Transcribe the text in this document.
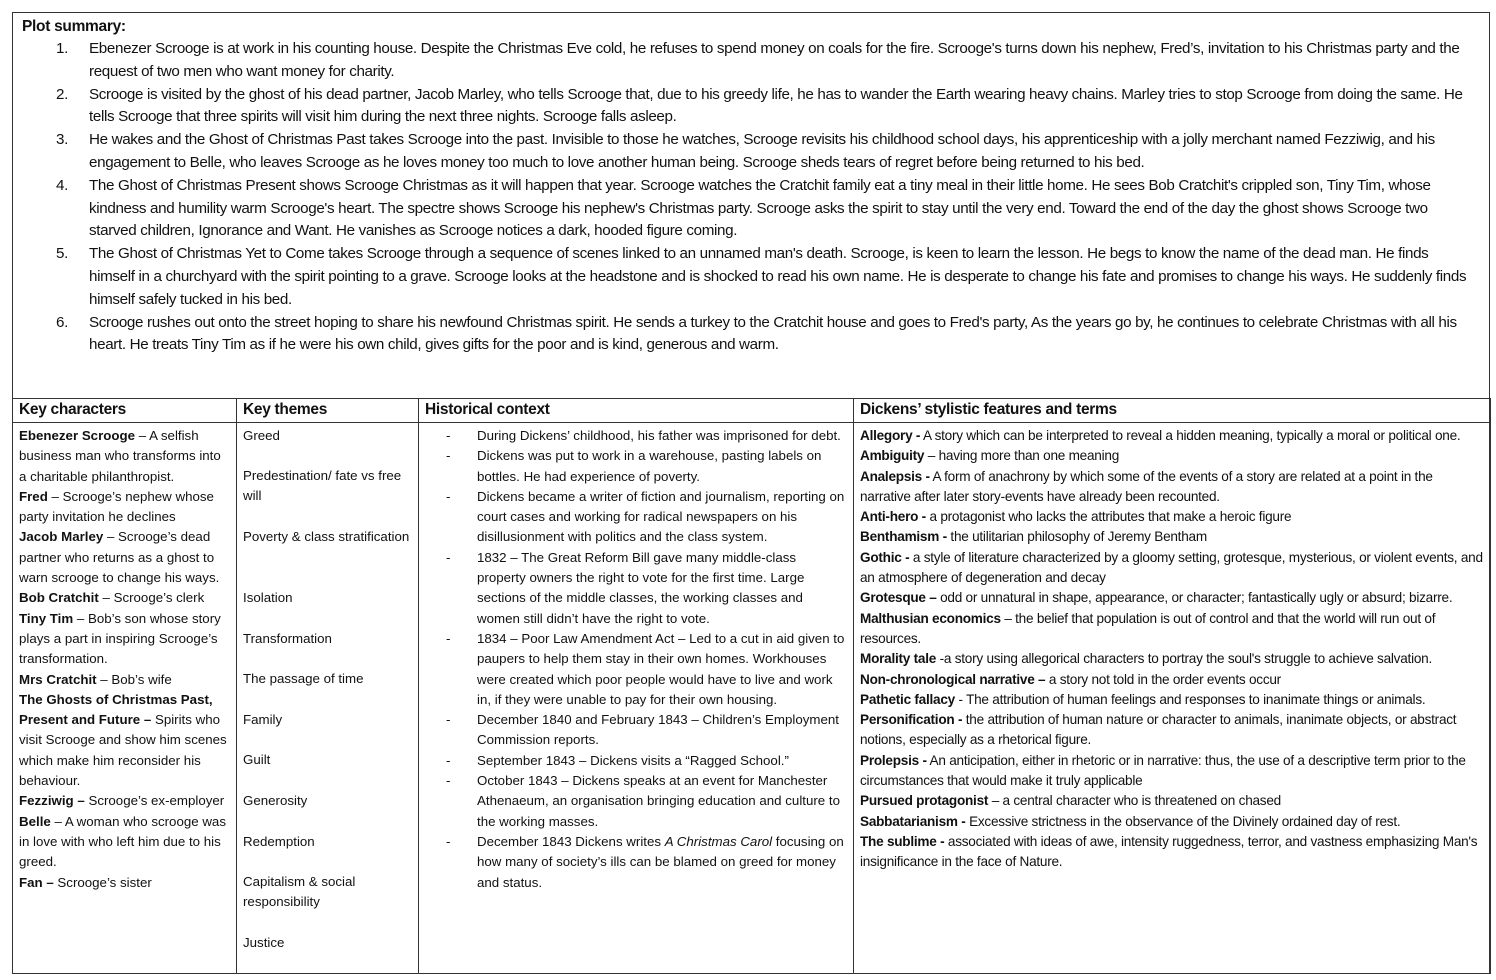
Plot summary:
1. Ebenezer Scrooge is at work in his counting house. Despite the Christmas Eve cold, he refuses to spend money on coals for the fire. Scrooge's turns down his nephew, Fred’s, invitation to his Christmas party and the request of two men who want money for charity.
2. Scrooge is visited by the ghost of his dead partner, Jacob Marley, who tells Scrooge that, due to his greedy life, he has to wander the Earth wearing heavy chains. Marley tries to stop Scrooge from doing the same. He tells Scrooge that three spirits will visit him during the next three nights. Scrooge falls asleep.
3. He wakes and the Ghost of Christmas Past takes Scrooge into the past. Invisible to those he watches, Scrooge revisits his childhood school days, his apprenticeship with a jolly merchant named Fezziwig, and his engagement to Belle, who leaves Scrooge as he loves money too much to love another human being. Scrooge sheds tears of regret before being returned to his bed.
4. The Ghost of Christmas Present shows Scrooge Christmas as it will happen that year. Scrooge watches the Cratchit family eat a tiny meal in their little home. He sees Bob Cratchit's crippled son, Tiny Tim, whose kindness and humility warm Scrooge's heart. The spectre shows Scrooge his nephew's Christmas party. Scrooge asks the spirit to stay until the very end. Toward the end of the day the ghost shows Scrooge two starved children, Ignorance and Want. He vanishes as Scrooge notices a dark, hooded figure coming.
5. The Ghost of Christmas Yet to Come takes Scrooge through a sequence of scenes linked to an unnamed man's death. Scrooge, is keen to learn the lesson. He begs to know the name of the dead man. He finds himself in a churchyard with the spirit pointing to a grave. Scrooge looks at the headstone and is shocked to read his own name. He is desperate to change his fate and promises to change his ways. He suddenly finds himself safely tucked in his bed.
6. Scrooge rushes out onto the street hoping to share his newfound Christmas spirit. He sends a turkey to the Cratchit house and goes to Fred's party, As the years go by, he continues to celebrate Christmas with all his heart. He treats Tiny Tim as if he were his own child, gives gifts for the poor and is kind, generous and warm.
Key characters	Key themes	Historical context	Dickens’ stylistic features and terms

Ebenezer Scrooge – A selfish business man who transforms into a charitable philanthropist.
Fred – Scrooge’s nephew whose party invitation he declines
Jacob Marley – Scrooge’s dead partner who returns as a ghost to warn scrooge to change his ways.
Bob Cratchit – Scrooge’s clerk
Tiny Tim – Bob’s son whose story plays a part in inspiring Scrooge’s transformation.
Mrs Cratchit – Bob’s wife
The Ghosts of Christmas Past, Present and Future – Spirits who visit Scrooge and show him scenes which make him reconsider his behaviour.
Fezziwig – Scrooge’s ex-employer
Belle – A woman who scrooge was in love with who left him due to his greed.
Fan – Scrooge’s sister

Greed
Predestination/ fate vs free will
Poverty & class stratification
Isolation
Transformation
The passage of time
Family
Guilt
Generosity
Redemption
Capitalism & social responsibility
Justice

- During Dickens’ childhood, his father was imprisoned for debt.
- Dickens was put to work in a warehouse, pasting labels on bottles. He had experience of poverty.
- Dickens became a writer of fiction and journalism, reporting on court cases and working for radical newspapers on his disillusionment with politics and the class system.
- 1832 – The Great Reform Bill gave many middle-class property owners the right to vote for the first time. Large sections of the middle classes, the working classes and women still didn’t have the right to vote.
- 1834 – Poor Law Amendment Act – Led to a cut in aid given to paupers to help them stay in their own homes. Workhouses were created which poor people would have to live and work in, if they were unable to pay for their own housing.
- December 1840 and February 1843 – Children’s Employment Commission reports.
- September 1843 – Dickens visits a “Ragged School.”
- October 1843 – Dickens speaks at an event for Manchester Athenaeum, an organisation bringing education and culture to the working masses.
- December 1843 Dickens writes A Christmas Carol focusing on how many of society’s ills can be blamed on greed for money and status.

Allegory - A story which can be interpreted to reveal a hidden meaning, typically a moral or political one.
Ambiguity – having more than one meaning
Analepsis - A form of anachrony by which some of the events of a story are related at a point in the narrative after later story-events have already been recounted.
Anti-hero - a protagonist who lacks the attributes that make a heroic figure
Benthamism - the utilitarian philosophy of Jeremy Bentham
Gothic - a style of literature characterized by a gloomy setting, grotesque, mysterious, or violent events, and an atmosphere of degeneration and decay
Grotesque – odd or unnatural in shape, appearance, or character; fantastically ugly or absurd; bizarre.
Malthusian economics – the belief that population is out of control and that the world will run out of resources.
Morality tale -a story using allegorical characters to portray the soul's struggle to achieve salvation.
Non-chronological narrative – a story not told in the order events occur
Pathetic fallacy - The attribution of human feelings and responses to inanimate things or animals.
Personification - the attribution of human nature or character to animals, inanimate objects, or abstract notions, especially as a rhetorical figure.
Prolepsis - An anticipation, either in rhetoric or in narrative: thus, the use of a descriptive term prior to the circumstances that would make it truly applicable
Pursued protagonist – a central character who is threatened on chased
Sabbatarianism - Excessive strictness in the observance of the Divinely ordained day of rest.
The sublime - associated with ideas of awe, intensity ruggedness, terror, and vastness emphasizing Man's insignificance in the face of Nature.
